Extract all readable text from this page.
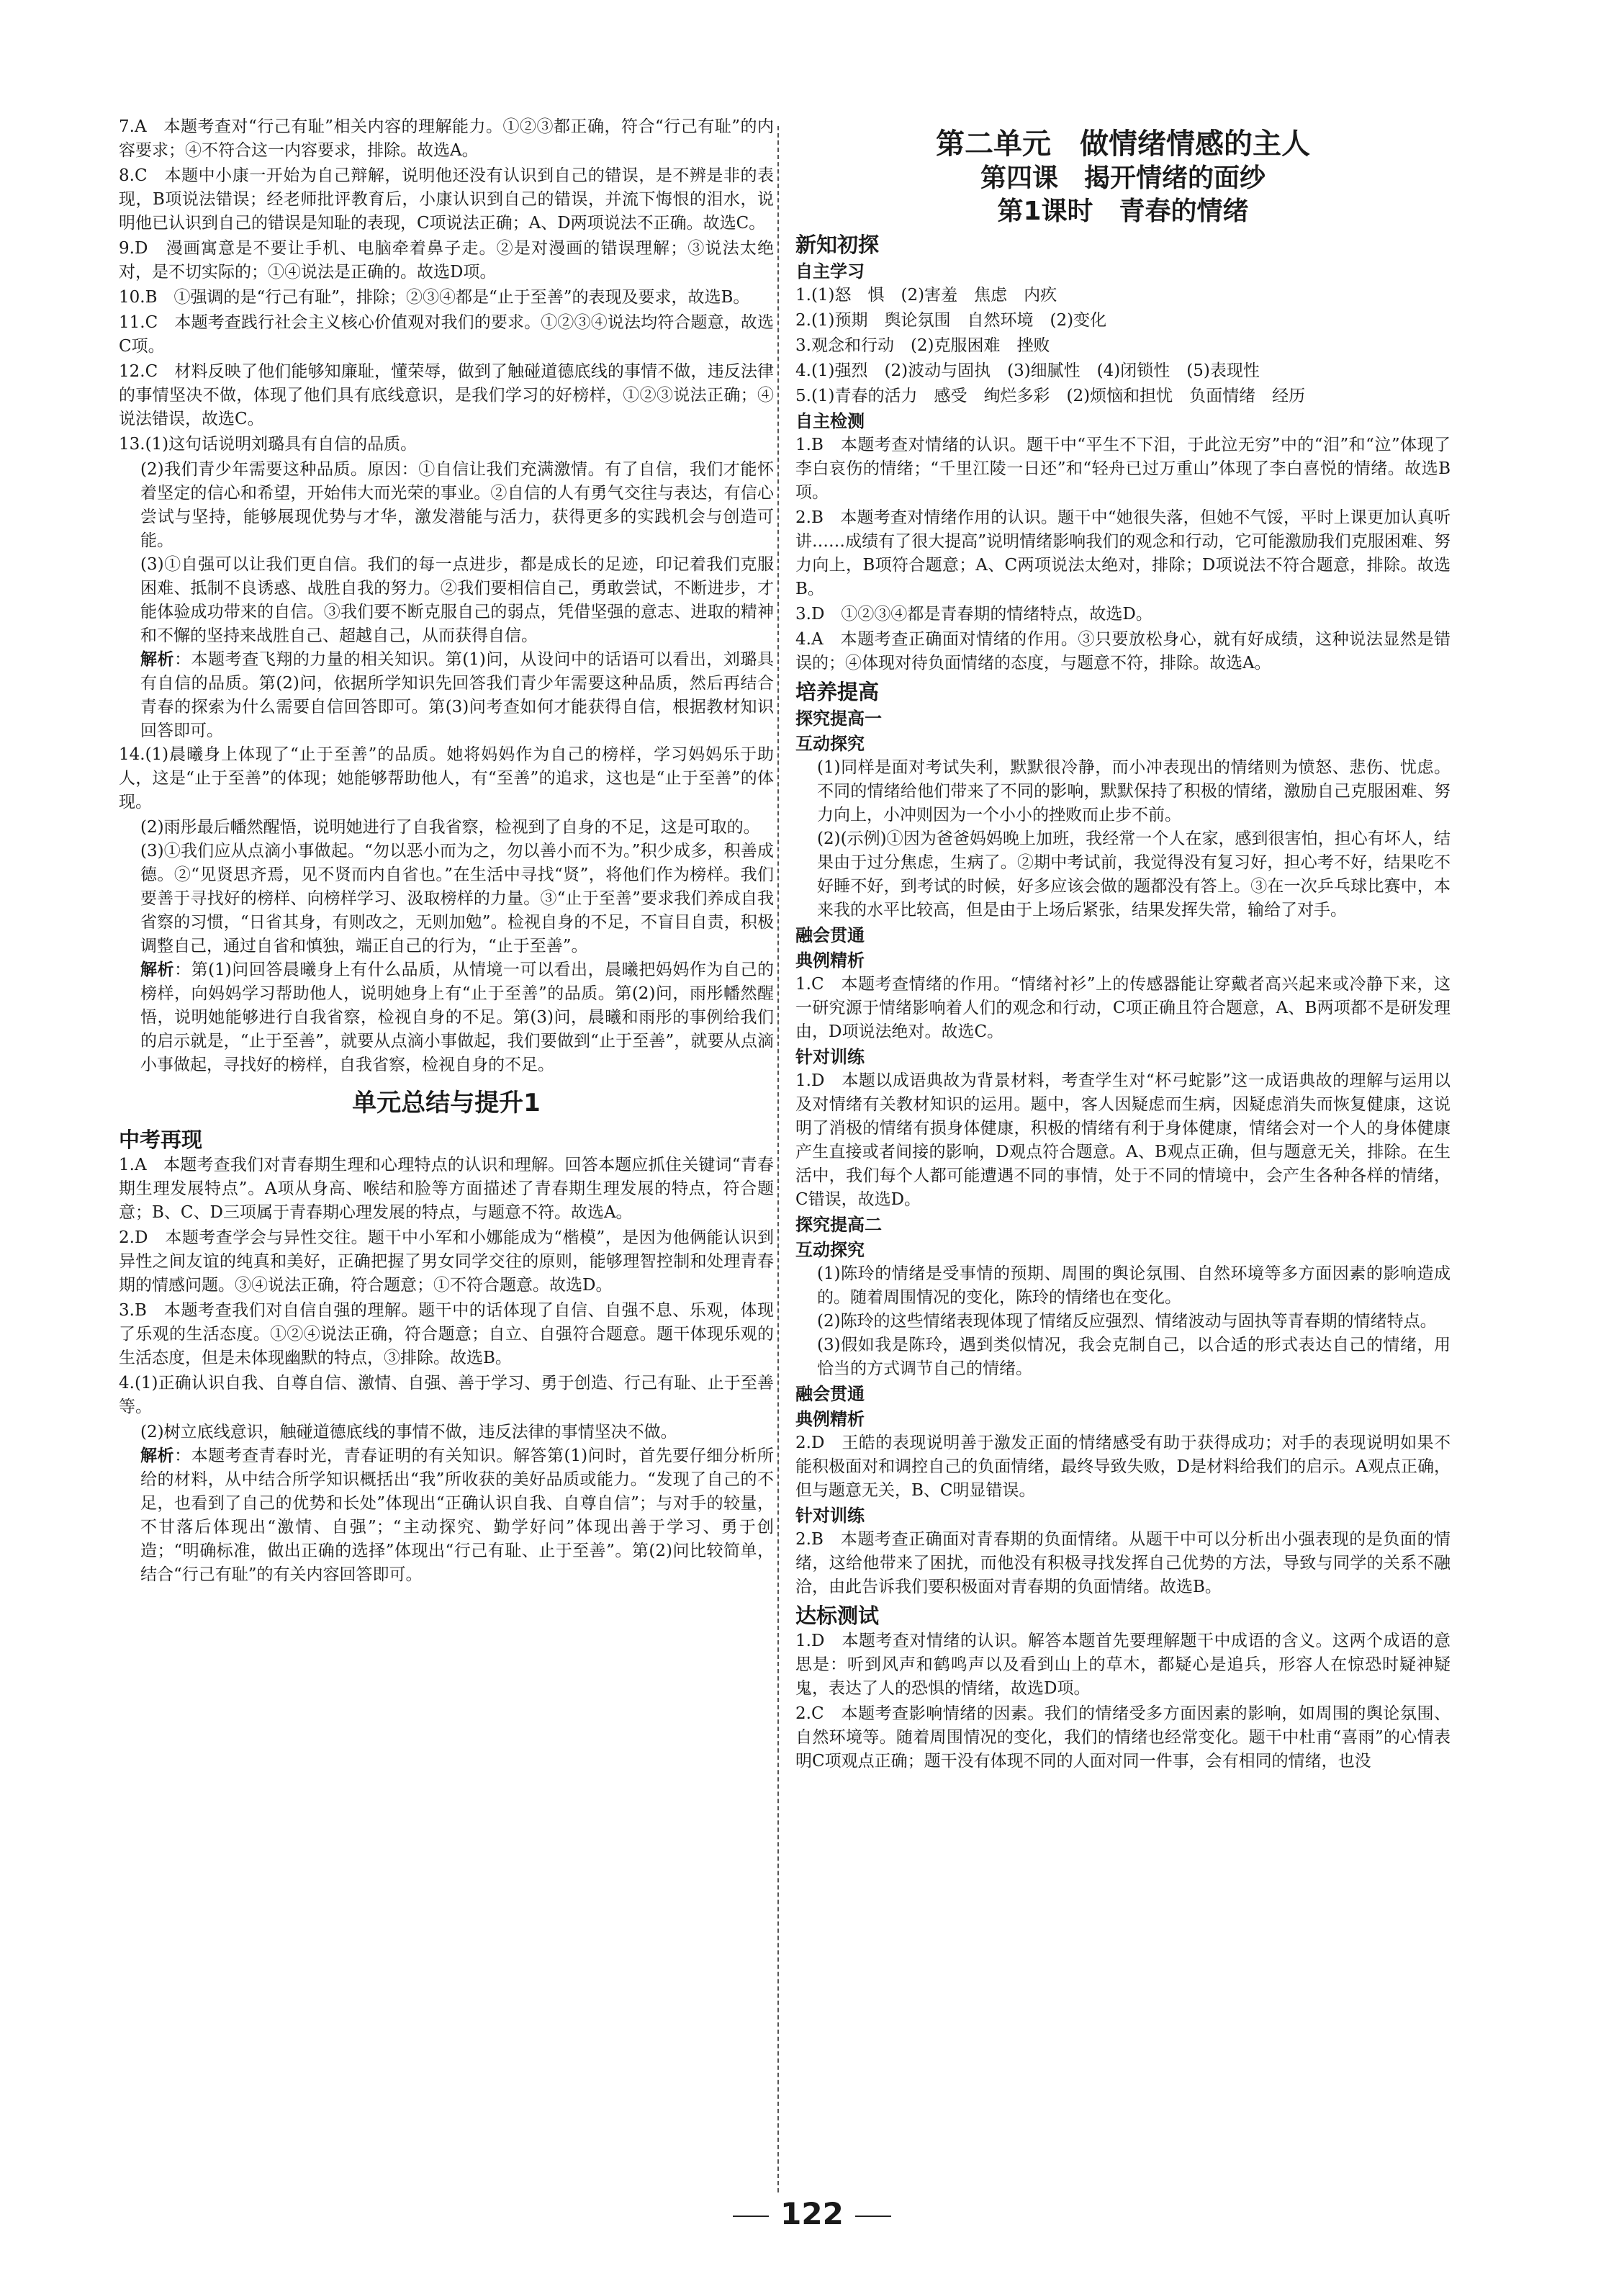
7.A　本题考查对“行己有耻”相关内容的理解能力。①②③都正确，符合“行己有耻”的内容要求；④不符合这一内容要求，排除。故选A。

8.C　本题中小康一开始为自己辩解，说明他还没有认识到自己的错误，是不辨是非的表现，B项说法错误；经老师批评教育后，小康认识到自己的错误，并流下悔恨的泪水，说明他已认识到自己的错误是知耻的表现，C项说法正确；A、D两项说法不正确。故选C。

9.D　漫画寓意是不要让手机、电脑牵着鼻子走。②是对漫画的错误理解；③说法太绝对，是不切实际的；①④说法是正确的。故选D项。

10.B　①强调的是“行己有耻”，排除；②③④都是“止于至善”的表现及要求，故选B。

11.C　本题考查践行社会主义核心价值观对我们的要求。①②③④说法均符合题意，故选C项。

12.C　材料反映了他们能够知廉耻，懂荣辱，做到了触碰道德底线的事情不做，违反法律的事情坚决不做，体现了他们具有底线意识，是我们学习的好榜样，①②③说法正确；④说法错误，故选C。

13.(1)这句话说明刘璐具有自信的品质。

(2)我们青少年需要这种品质。原因：①自信让我们充满激情。有了自信，我们才能怀着坚定的信心和希望，开始伟大而光荣的事业。②自信的人有勇气交往与表达，有信心尝试与坚持，能够展现优势与才华，激发潜能与活力，获得更多的实践机会与创造可能。

(3)①自强可以让我们更自信。我们的每一点进步，都是成长的足迹，印记着我们克服困难、抵制不良诱惑、战胜自我的努力。②我们要相信自己，勇敢尝试，不断进步，才能体验成功带来的自信。③我们要不断克服自己的弱点，凭借坚强的意志、进取的精神和不懈的坚持来战胜自己、超越自己，从而获得自信。

解析：本题考查飞翔的力量的相关知识。第(1)问，从设问中的话语可以看出，刘璐具有自信的品质。第(2)问，依据所学知识先回答我们青少年需要这种品质，然后再结合青春的探索为什么需要自信回答即可。第(3)问考查如何才能获得自信，根据教材知识回答即可。

14.(1)晨曦身上体现了“止于至善”的品质。她将妈妈作为自己的榜样，学习妈妈乐于助人，这是“止于至善”的体现；她能够帮助他人，有“至善”的追求，这也是“止于至善”的体现。

(2)雨彤最后幡然醒悟，说明她进行了自我省察，检视到了自身的不足，这是可取的。

(3)①我们应从点滴小事做起。“勿以恶小而为之，勿以善小而不为。”积少成多，积善成德。②“见贤思齐焉，见不贤而内自省也。”在生活中寻找“贤”，将他们作为榜样。我们要善于寻找好的榜样、向榜样学习、汲取榜样的力量。③“止于至善”要求我们养成自我省察的习惯，“日省其身，有则改之，无则加勉”。检视自身的不足，不盲目自责，积极调整自己，通过自省和慎独，端正自己的行为，“止于至善”。

解析：第(1)问回答晨曦身上有什么品质，从情境一可以看出，晨曦把妈妈作为自己的榜样，向妈妈学习帮助他人，说明她身上有“止于至善”的品质。第(2)问，雨彤幡然醒悟，说明她能够进行自我省察，检视自身的不足。第(3)问，晨曦和雨彤的事例给我们的启示就是，“止于至善”，就要从点滴小事做起，我们要做到“止于至善”，就要从点滴小事做起，寻找好的榜样，自我省察，检视自身的不足。

单元总结与提升1
中考再现

1.A　本题考查我们对青春期生理和心理特点的认识和理解。回答本题应抓住关键词“青春期生理发展特点”。A项从身高、喉结和脸等方面描述了青春期生理发展的特点，符合题意；B、C、D三项属于青春期心理发展的特点，与题意不符。故选A。

2.D　本题考查学会与异性交往。题干中小军和小娜能成为“楷模”，是因为他俩能认识到异性之间友谊的纯真和美好，正确把握了男女同学交往的原则，能够理智控制和处理青春期的情感问题。③④说法正确，符合题意；①不符合题意。故选D。

3.B　本题考查我们对自信自强的理解。题干中的话体现了自信、自强不息、乐观，体现了乐观的生活态度。①②④说法正确，符合题意；自立、自强符合题意。题干体现乐观的生活态度，但是未体现幽默的特点，③排除。故选B。

4.(1)正确认识自我、自尊自信、激情、自强、善于学习、勇于创造、行己有耻、止于至善等。

(2)树立底线意识，触碰道德底线的事情不做，违反法律的事情坚决不做。

解析：本题考查青春时光，青春证明的有关知识。解答第(1)问时，首先要仔细分析所给的材料，从中结合所学知识概括出“我”所收获的美好品质或能力。“发现了自己的不足，也看到了自己的优势和长处”体现出“正确认识自我、自尊自信”；与对手的较量，不甘落后体现出“激情、自强”；“主动探究、勤学好问”体现出善于学习、勇于创造；“明确标准，做出正确的选择”体现出“行己有耻、止于至善”。第(2)问比较简单，结合“行己有耻”的有关内容回答即可。

第二单元　做情绪情感的主人
第四课　揭开情绪的面纱
第1课时　青春的情绪
新知初探
自主学习

1.(1)怒　惧　(2)害羞　焦虑　内疚

2.(1)预期　舆论氛围　自然环境　(2)变化

3.观念和行动　(2)克服困难　挫败

4.(1)强烈　(2)波动与固执　(3)细腻性　(4)闭锁性　(5)表现性

5.(1)青春的活力　感受　绚烂多彩　(2)烦恼和担忧　负面情绪　经历

自主检测

1.B　本题考查对情绪的认识。题干中“平生不下泪，于此泣无穷”中的“泪”和“泣”体现了李白哀伤的情绪；“千里江陵一日还”和“轻舟已过万重山”体现了李白喜悦的情绪。故选B项。

2.B　本题考查对情绪作用的认识。题干中“她很失落，但她不气馁，平时上课更加认真听讲……成绩有了很大提高”说明情绪影响我们的观念和行动，它可能激励我们克服困难、努力向上，B项符合题意；A、C两项说法太绝对，排除；D项说法不符合题意，排除。故选B。

3.D　①②③④都是青春期的情绪特点，故选D。

4.A　本题考查正确面对情绪的作用。③只要放松身心，就有好成绩，这种说法显然是错误的；④体现对待负面情绪的态度，与题意不符，排除。故选A。

培养提高
探究提高一
互动探究

(1)同样是面对考试失利，默默很冷静，而小冲表现出的情绪则为愤怒、悲伤、忧虑。不同的情绪给他们带来了不同的影响，默默保持了积极的情绪，激励自己克服困难、努力向上，小冲则因为一个小小的挫败而止步不前。

(2)(示例)①因为爸爸妈妈晚上加班，我经常一个人在家，感到很害怕，担心有坏人，结果由于过分焦虑，生病了。②期中考试前，我觉得没有复习好，担心考不好，结果吃不好睡不好，到考试的时候，好多应该会做的题都没有答上。③在一次乒乓球比赛中，本来我的水平比较高，但是由于上场后紧张，结果发挥失常，输给了对手。

融会贯通
典例精析

1.C　本题考查情绪的作用。“情绪衬衫”上的传感器能让穿戴者高兴起来或冷静下来，这一研究源于情绪影响着人们的观念和行动，C项正确且符合题意，A、B两项都不是研发理由，D项说法绝对。故选C。

针对训练

1.D　本题以成语典故为背景材料，考查学生对“杯弓蛇影”这一成语典故的理解与运用以及对情绪有关教材知识的运用。题中，客人因疑虑而生病，因疑虑消失而恢复健康，这说明了消极的情绪有损身体健康，积极的情绪有利于身体健康，情绪会对一个人的身体健康产生直接或者间接的影响，D观点符合题意。A、B观点正确，但与题意无关，排除。在生活中，我们每个人都可能遭遇不同的事情，处于不同的情境中，会产生各种各样的情绪，C错误，故选D。

探究提高二
互动探究

(1)陈玲的情绪是受事情的预期、周围的舆论氛围、自然环境等多方面因素的影响造成的。随着周围情况的变化，陈玲的情绪也在变化。

(2)陈玲的这些情绪表现体现了情绪反应强烈、情绪波动与固执等青春期的情绪特点。

(3)假如我是陈玲，遇到类似情况，我会克制自己，以合适的形式表达自己的情绪，用恰当的方式调节自己的情绪。

融会贯通
典例精析

2.D　王皓的表现说明善于激发正面的情绪感受有助于获得成功；对手的表现说明如果不能积极面对和调控自己的负面情绪，最终导致失败，D是材料给我们的启示。A观点正确，但与题意无关，B、C明显错误。

针对训练

2.B　本题考查正确面对青春期的负面情绪。从题干中可以分析出小强表现的是负面的情绪，这给他带来了困扰，而他没有积极寻找发挥自己优势的方法，导致与同学的关系不融洽，由此告诉我们要积极面对青春期的负面情绪。故选B。

达标测试

1.D　本题考查对情绪的认识。解答本题首先要理解题干中成语的含义。这两个成语的意思是：听到风声和鹤鸣声以及看到山上的草木，都疑心是追兵，形容人在惊恐时疑神疑鬼，表达了人的恐惧的情绪，故选D项。

2.C　本题考查影响情绪的因素。我们的情绪受多方面因素的影响，如周围的舆论氛围、自然环境等。随着周围情况的变化，我们的情绪也经常变化。题干中杜甫“喜雨”的心情表明C项观点正确；题干没有体现不同的人面对同一件事，会有相同的情绪，也没

122
